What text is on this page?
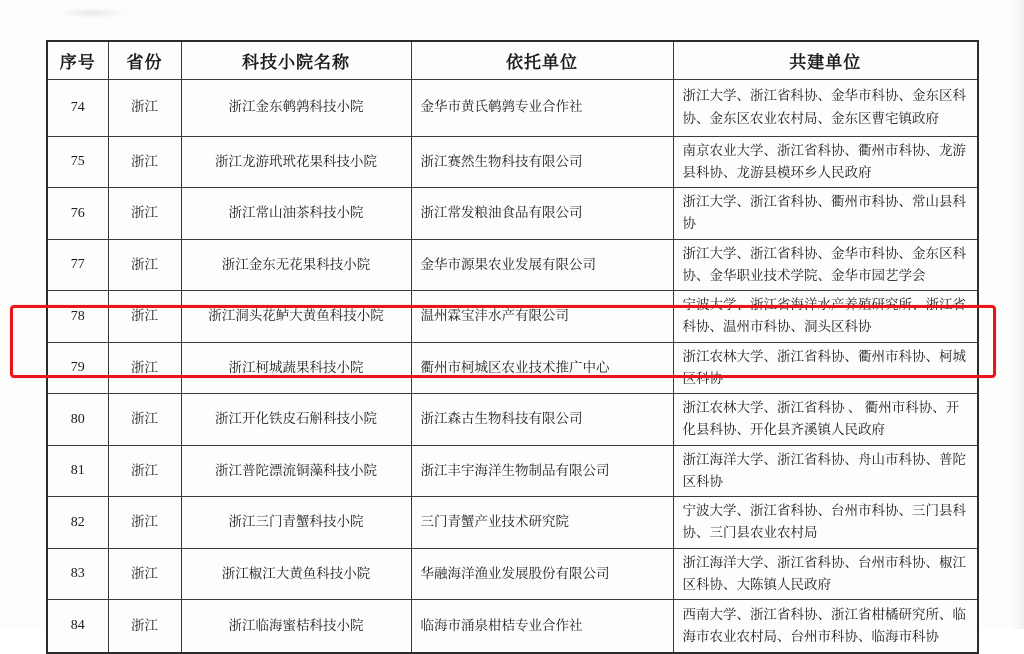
序号	省份	科技小院名称	依托单位	共建单位
74	浙江	浙江金东鹌鹑科技小院	金华市黄氏鹌鹑专业合作社	浙江大学、浙江省科协、金华市科协、金东区科协、金东区农业农村局、金东区曹宅镇政府
75	浙江	浙江龙游玳玳花果科技小院	浙江赛然生物科技有限公司	南京农业大学、浙江省科协、衢州市科协、龙游县科协、龙游县模环乡人民政府
76	浙江	浙江常山油茶科技小院	浙江常发粮油食品有限公司	浙江大学、浙江省科协、衢州市科协、常山县科协
77	浙江	浙江金东无花果科技小院	金华市源果农业发展有限公司	浙江大学、浙江省科协、金华市科协、金东区科协、金华职业技术学院、金华市园艺学会
78	浙江	浙江洞头花鲈大黄鱼科技小院	温州霖宝沣水产有限公司	宁波大学、浙江省海洋水产养殖研究所、浙江省科协、温州市科协、洞头区科协
79	浙江	浙江柯城蔬果科技小院	衢州市柯城区农业技术推广中心	浙江农林大学、浙江省科协、衢州市科协、柯城区科协
80	浙江	浙江开化铁皮石斛科技小院	浙江森古生物科技有限公司	浙江农林大学、浙江省科协 、 衢州市科协、开化县科协、开化县齐溪镇人民政府
81	浙江	浙江普陀漂流铜藻科技小院	浙江丰宇海洋生物制品有限公司	浙江海洋大学、浙江省科协、舟山市科协、普陀区科协
82	浙江	浙江三门青蟹科技小院	三门青蟹产业技术研究院	宁波大学、浙江省科协、台州市科协、三门县科协、三门县农业农村局
83	浙江	浙江椒江大黄鱼科技小院	华融海洋渔业发展股份有限公司	浙江海洋大学、浙江省科协、台州市科协、椒江区科协、大陈镇人民政府
84	浙江	浙江临海蜜桔科技小院	临海市涌泉柑桔专业合作社	西南大学、浙江省科协、浙江省柑橘研究所、临海市农业农村局、台州市科协、临海市科协
